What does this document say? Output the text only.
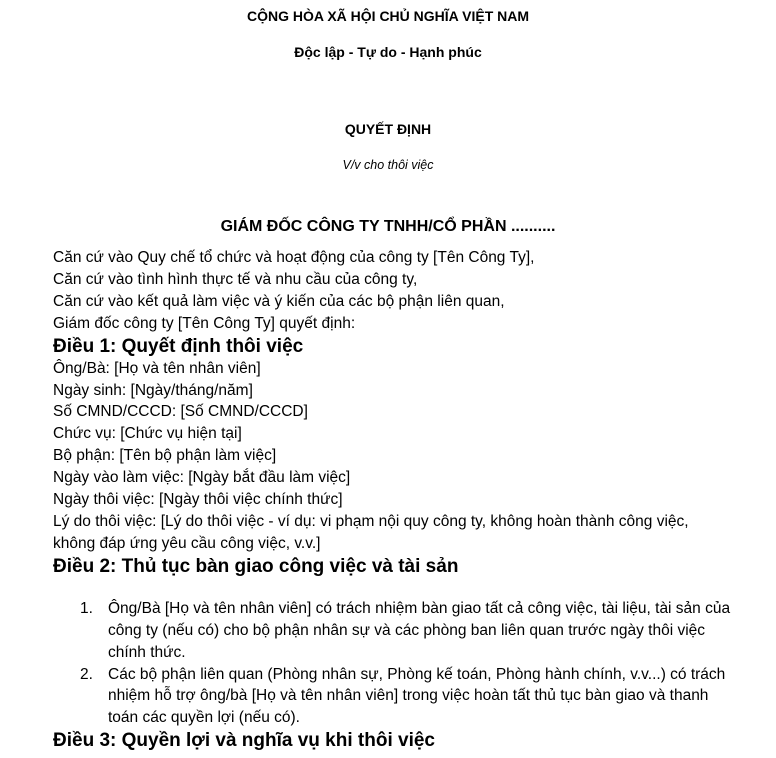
CỘNG HÒA XÃ HỘI CHỦ NGHĨA VIỆT NAM
Độc lập - Tự do - Hạnh phúc
QUYẾT ĐỊNH
V/v cho thôi việc
GIÁM ĐỐC CÔNG TY TNHH/CỔ PHẦN ..........
Căn cứ vào Quy chế tổ chức và hoạt động của công ty [Tên Công Ty],
Căn cứ vào tình hình thực tế và nhu cầu của công ty,
Căn cứ vào kết quả làm việc và ý kiến của các bộ phận liên quan,
Giám đốc công ty [Tên Công Ty] quyết định:
Điều 1: Quyết định thôi việc
Ông/Bà: [Họ và tên nhân viên]
Ngày sinh: [Ngày/tháng/năm]
Số CMND/CCCD: [Số CMND/CCCD]
Chức vụ: [Chức vụ hiện tại]
Bộ phận: [Tên bộ phận làm việc]
Ngày vào làm việc: [Ngày bắt đầu làm việc]
Ngày thôi việc: [Ngày thôi việc chính thức]
Lý do thôi việc: [Lý do thôi việc - ví dụ: vi phạm nội quy công ty, không hoàn thành công việc,
không đáp ứng yêu cầu công việc, v.v.]
Điều 2: Thủ tục bàn giao công việc và tài sản
1. Ông/Bà [Họ và tên nhân viên] có trách nhiệm bàn giao tất cả công việc, tài liệu, tài sản của công ty (nếu có) cho bộ phận nhân sự và các phòng ban liên quan trước ngày thôi việc chính thức.
2. Các bộ phận liên quan (Phòng nhân sự, Phòng kế toán, Phòng hành chính, v.v...) có trách nhiệm hỗ trợ ông/bà [Họ và tên nhân viên] trong việc hoàn tất thủ tục bàn giao và thanh toán các quyền lợi (nếu có).
Điều 3: Quyền lợi và nghĩa vụ khi thôi việc
